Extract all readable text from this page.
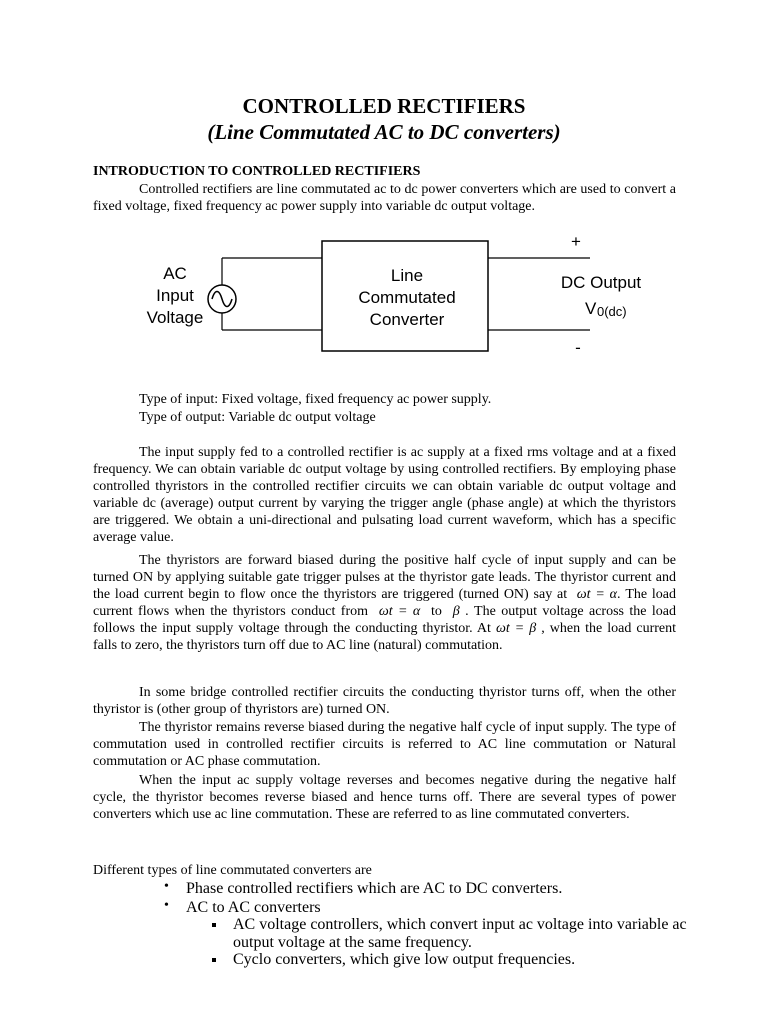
CONTROLLED RECTIFIERS
(Line Commutated AC to DC converters)
INTRODUCTION TO CONTROLLED RECTIFIERS

Controlled rectifiers are line commutated ac to dc power converters which are used to convert a fixed voltage, fixed frequency ac power supply into variable dc output voltage.

AC
Input
Voltage
Line
Commutated
Converter
+
DC Output
V 0(dc)
-
Type of input: Fixed voltage, fixed frequency ac power supply.
Type of output: Variable dc output voltage

The input supply fed to a controlled rectifier is ac supply at a fixed rms voltage and at a fixed frequency. We can obtain variable dc output voltage by using controlled rectifiers. By employing phase controlled thyristors in the controlled rectifier circuits we can obtain variable dc output voltage and variable dc (average) output current by varying the trigger angle (phase angle) at which the thyristors are triggered. We obtain a uni-directional and pulsating load current waveform, which has a specific average value.

The thyristors are forward biased during the positive half cycle of input supply and can be turned ON by applying suitable gate trigger pulses at the thyristor gate leads. The thyristor current and the load current begin to flow once the thyristors are triggered (turned ON) say at ωt = α. The load current flows when the thyristors conduct from ωt = α to β . The output voltage across the load follows the input supply voltage through the conducting thyristor. At ωt = β , when the load current falls to zero, the thyristors turn off due to AC line (natural) commutation.

In some bridge controlled rectifier circuits the conducting thyristor turns off, when the other thyristor is (other group of thyristors are) turned ON.

The thyristor remains reverse biased during the negative half cycle of input supply. The type of commutation used in controlled rectifier circuits is referred to AC line commutation or Natural commutation or AC phase commutation.

When the input ac supply voltage reverses and becomes negative during the negative half cycle, the thyristor becomes reverse biased and hence turns off. There are several types of power converters which use ac line commutation. These are referred to as line commutated converters.

Different types of line commutated converters are
• Phase controlled rectifiers which are AC to DC converters.
• AC to AC converters
AC voltage controllers, which convert input ac voltage into variable ac
output voltage at the same frequency.
Cyclo converters, which give low output frequencies.
